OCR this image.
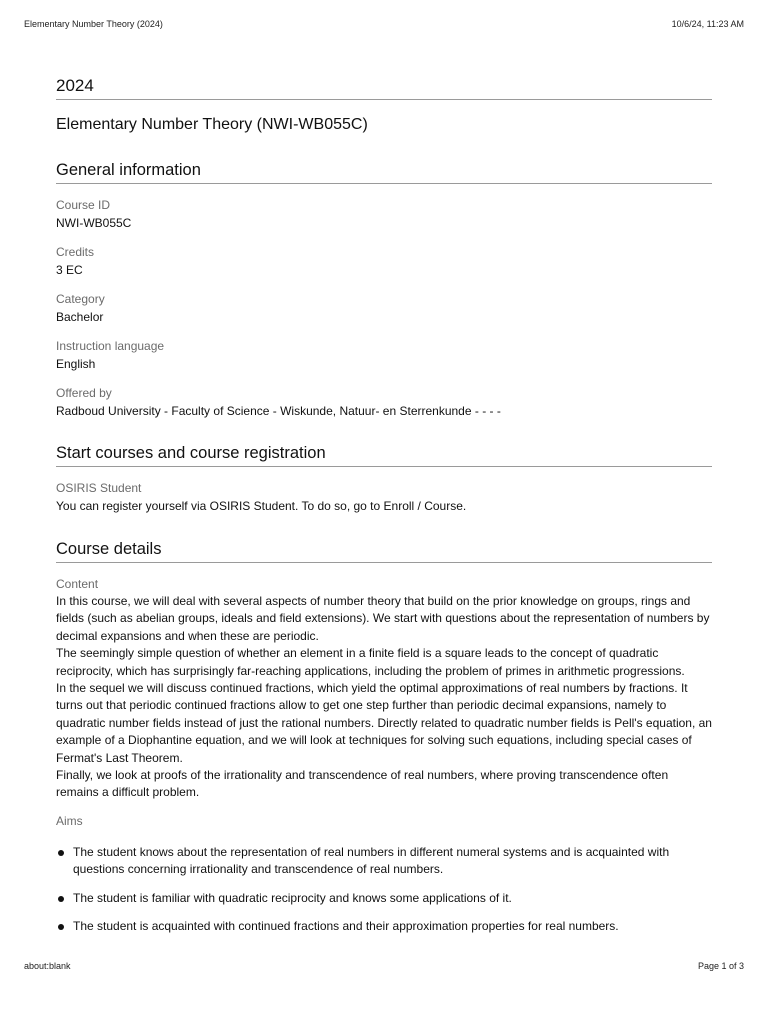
Elementary Number Theory (2024)	10/6/24, 11:23 AM
2024
Elementary Number Theory (NWI-WB055C)
General information
Course ID
NWI-WB055C
Credits
3 EC
Category
Bachelor
Instruction language
English
Offered by
Radboud University - Faculty of Science - Wiskunde, Natuur- en Sterrenkunde - - - -
Start courses and course registration
OSIRIS Student
You can register yourself via OSIRIS Student. To do so, go to Enroll / Course.
Course details
Content

In this course, we will deal with several aspects of number theory that build on the prior knowledge on groups, rings and fields (such as abelian groups, ideals and field extensions). We start with questions about the representation of numbers by decimal expansions and when these are periodic.

The seemingly simple question of whether an element in a finite field is a square leads to the concept of quadratic reciprocity, which has surprisingly far-reaching applications, including the problem of primes in arithmetic progressions.

In the sequel we will discuss continued fractions, which yield the optimal approximations of real numbers by fractions. It turns out that periodic continued fractions allow to get one step further than periodic decimal expansions, namely to quadratic number fields instead of just the rational numbers. Directly related to quadratic number fields is Pell's equation, an example of a Diophantine equation, and we will look at techniques for solving such equations, including special cases of Fermat's Last Theorem.

Finally, we look at proofs of the irrationality and transcendence of real numbers, where proving transcendence often remains a difficult problem.

Aims
The student knows about the representation of real numbers in different numeral systems and is acquainted with questions concerning irrationality and transcendence of real numbers.
The student is familiar with quadratic reciprocity and knows some applications of it.
The student is acquainted with continued fractions and their approximation properties for real numbers.
about:blank	Page 1 of 3
